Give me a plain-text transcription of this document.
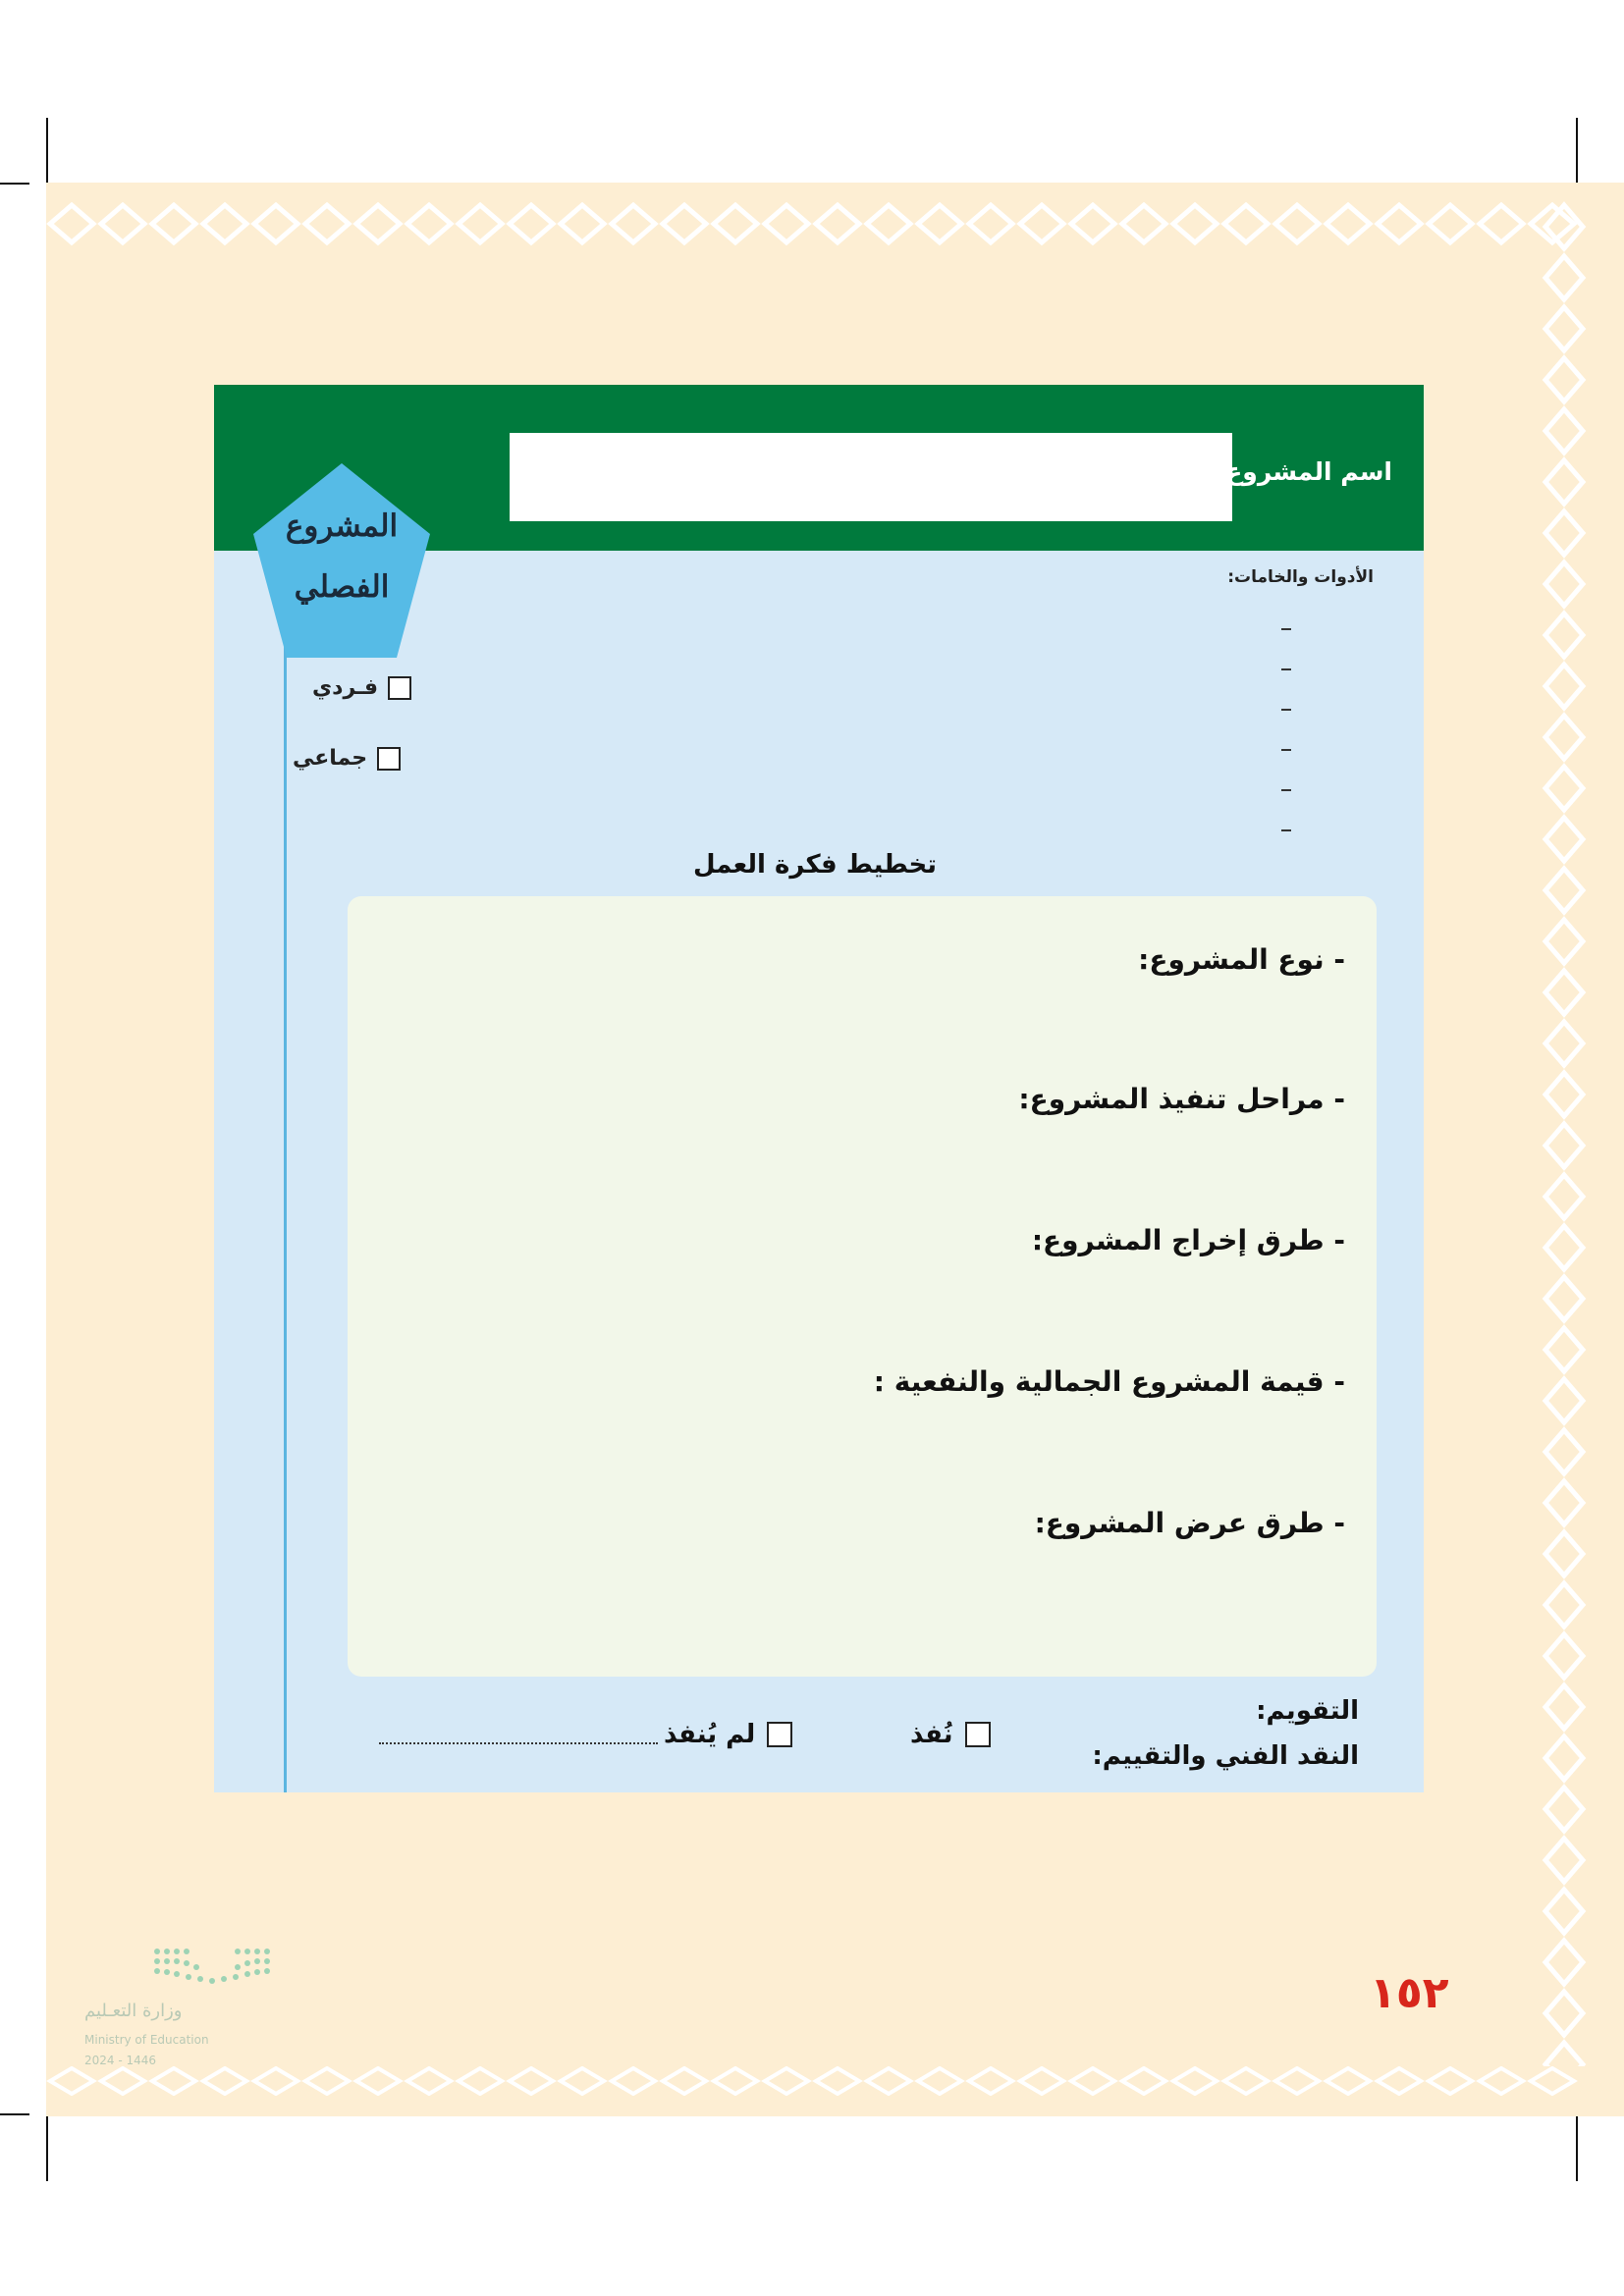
اسم المشروع
المشروع
الفصلي
فـردي
جماعي
الأدوات والخامات:
تخطيط فكرة العمل
- نوع المشروع:
- مراحل تنفيذ المشروع:
- طرق إخراج المشروع:
- قيمة المشروع الجمالية والنفعية :
- طرق عرض المشروع:
التقويم:
النقد الفني والتقييم:
نُفذ
لم يُنفذ
١٥٢
وزارة التعـليم
Ministry of Education
2024 - 1446
